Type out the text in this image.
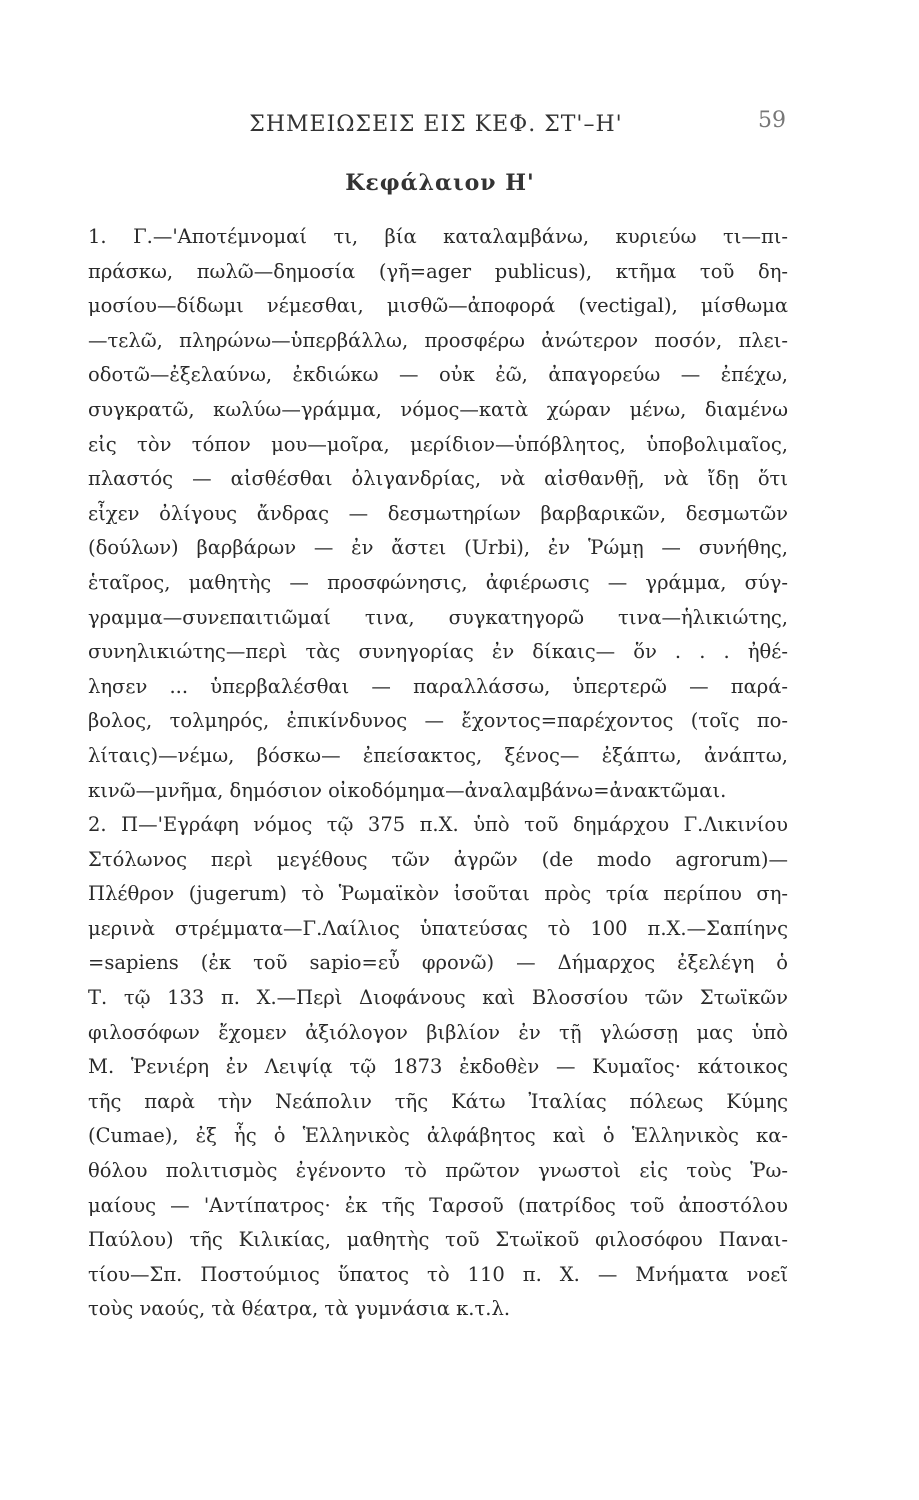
ΣΗΜΕΙΩΣΕΙΣ ΕΙΣ ΚΕΦ. ΣΤ'–Η'	59
Κεφάλαιον Η'
1. Γ.—'Αποτέμνομαί τι, βία καταλαμβάνω, κυριεύω τι—πι-
πράσκω, πωλῶ—δημοσία (γῆ=ager publicus), κτῆμα τοῦ δη-
μοσίου—δίδωμι νέμεσθαι, μισθῶ—ἀποφορά (vectigal), μίσθωμα
—τελῶ, πληρώνω—ὑπερβάλλω, προσφέρω ἀνώτερον ποσόν, πλει-
οδοτῶ—ἐξελαύνω, ἐκδιώκω — οὐκ ἐῶ, ἀπαγορεύω — ἐπέχω,
συγκρατῶ, κωλύω—γράμμα, νόμος—κατὰ χώραν μένω, διαμένω
εἰς τὸν τόπον μου—μοῖρα, μερίδιον—ὑπόβλητος, ὑποβολιμαῖος,
πλαστός — αἰσθέσθαι ὀλιγανδρίας, νὰ αἰσθανθῇ, νὰ ἴδῃ ὅτι
εἶχεν ὀλίγους ἄνδρας — δεσμωτηρίων βαρβαρικῶν, δεσμωτῶν
(δούλων) βαρβάρων — ἐν ἄστει (Urbi), ἐν Ῥώμῃ — συνήθης,
ἑταῖρος, μαθητὴς — προσφώνησις, ἀφιέρωσις — γράμμα, σύγ-
γραμμα—συνεπαιτιῶμαί τινα, συγκατηγορῶ τινα—ἡλικιώτης,
συνηλικιώτης—περὶ τὰς συνηγορίας ἐν δίκαις— ὅν . . . ἠθέ-
λησεν ... ὑπερβαλέσθαι — παραλλάσσω, ὑπερτερῶ — παρά-
βολος, τολμηρός, ἐπικίνδυνος — ἔχοντος=παρέχοντος (τοῖς πο-
λίταις)—νέμω, βόσκω— ἐπείσακτος, ξένος— ἐξάπτω, ἀνάπτω,
κινῶ—μνῆμα, δημόσιον οἰκοδόμημα—ἀναλαμβάνω=ἀνακτῶμαι.
2. Π—'Εγράφη νόμος τῷ 375 π.Χ. ὑπὸ τοῦ δημάρχου Γ.Λικινίου
Στόλωνος περὶ μεγέθους τῶν ἀγρῶν (de modo agrorum)—
Πλέθρον (jugerum) τὸ Ῥωμαϊκὸν ἰσοῦται πρὸς τρία περίπου ση-
μερινὰ στρέμματα—Γ.Λαίλιος ὑπατεύσας τὸ 100 π.Χ.—Σαπίηνς
=sapiens (ἐκ τοῦ sapio=εὖ φρονῶ) — Δήμαρχος ἐξελέγη ὁ
Τ. τῷ 133 π. Χ.—Περὶ Διοφάνους καὶ Βλοσσίου τῶν Στωϊκῶν
φιλοσόφων ἔχομεν ἀξιόλογον βιβλίον ἐν τῇ γλώσσῃ μας ὑπὸ
Μ. Ῥενιέρη ἐν Λειψίᾳ τῷ 1873 ἐκδοθὲν — Κυμαῖος· κάτοικος
τῆς παρὰ τὴν Νεάπολιν τῆς Κάτω Ἰταλίας πόλεως Κύμης
(Cumae), ἐξ ἧς ὁ Ἑλληνικὸς ἀλφάβητος καὶ ὁ Ἑλληνικὸς κα-
θόλου πολιτισμὸς ἐγένοντο τὸ πρῶτον γνωστοὶ εἰς τοὺς Ῥω-
μαίους — 'Αντίπατρος· ἐκ τῆς Ταρσοῦ (πατρίδος τοῦ ἀποστόλου
Παύλου) τῆς Κιλικίας, μαθητὴς τοῦ Στωϊκοῦ φιλοσόφου Παναι-
τίου—Σπ. Ποστούμιος ὕπατος τὸ 110 π. Χ. — Μνήματα νοεῖ
τοὺς ναούς, τὰ θέατρα, τὰ γυμνάσια κ.τ.λ.
